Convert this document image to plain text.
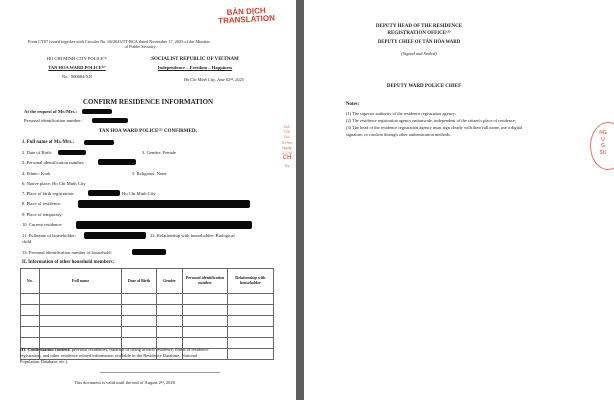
BẢN DỊCH
TRANSLATION
Form CT07 issued together with Circular No. 66/2023/TT-BCA dated November 17, 2023 of the Minister
of Public Security
HO CHI MINH CITY POLICE⁽¹⁾
TAN HOA WARD POLICE⁽²⁾
No.: 000684/XN
SOCIALIST REPUBLIC OF VIETNAM
Independence – Freedom – Happiness
Ho Chi Minh City, June 02ⁿᵈ, 2025
CONFIRM RESIDENCE INFORMATION
At the request of Mr./Mrs.:
Personal identification number:
TAN HOA WARD POLICE⁽²⁾ CONFIRMED:
1. Full name of Mr./Mrs.:
2. Date of Birth:	3. Gender: Female
3. Personal identification number:
4. Ethnic: Kinh	5. Religious: None
6. Native place: Ho Chi Minh City
7. Place of birth registration:	Ho Chi Minh City
8. Place of residence:
9. Place of temporary:
10. Current residence:
11. Fullname of householder:	12. Relationship with householder: Biological
child
13. Personal identification number of household:
II. Information of other household members:
No.	Full name	Date of Birth	Gender	Personal identification number	Relationship with householder

III. Confirmation content: previous residences, duration of living at each residence, forms of residence
registration, and other residence related information available in the Residence Database, National
Population Database, etc.).
This document is valid until the end of August 2ⁿᵈ, 2026
ĐÀ
TÔI
Số:
S.Pho
Ngày
1 2 M
CH
Ký
DEPUTY HEAD OF THE RESIDENCE
REGISTRATION OFFICE⁽³⁾
DEPUTY CHIEF OF TÂN HÒA WARD
(Signed and Sealed)
DEPUTY WARD POLICE CHIEF
Notes:
(1) The superior authority of the residence registration agency;
(2) The residence registration agency nationwide, independent of the citizen's place of residence;
(3) The head of the residence registration agency must sign clearly with their full name, use a digital
signature, or confirm through other authentication methods.	NG
U
G
SU
